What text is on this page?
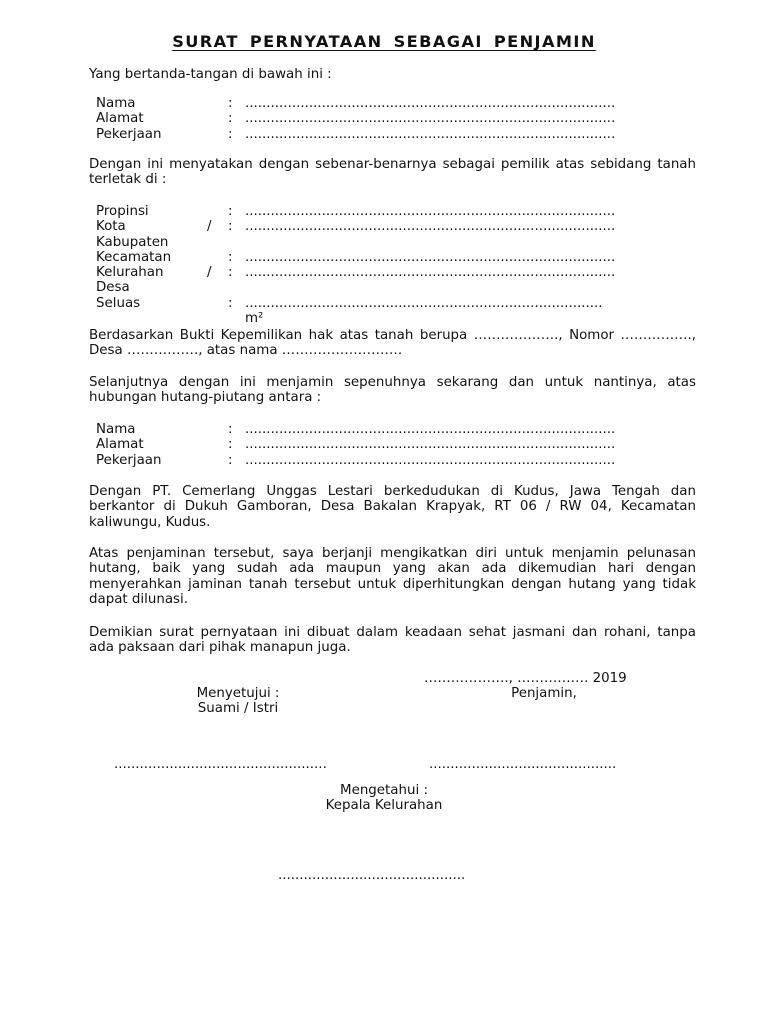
SURAT PERNYATAAN SEBAGAI PENJAMIN
Yang bertanda-tangan di bawah ini :
Nama	: .......................................................................................
Alamat	: .......................................................................................
Pekerjaan	: .......................................................................................
Dengan ini menyatakan dengan sebenar-benarnya sebagai pemilik atas sebidang tanah terletak di :
Propinsi	: .......................................................................................
Kota	/ : .......................................................................................
Kabupaten
Kecamatan	: .......................................................................................
Kelurahan	/ : .......................................................................................
Desa
Seluas	: ....................................................................................
m²
Berdasarkan Bukti Kepemilikan hak atas tanah berupa ………………., Nomor ……………., Desa ……………., atas nama ………………………
Selanjutnya dengan ini menjamin sepenuhnya sekarang dan untuk nantinya, atas hubungan hutang-piutang antara :
Nama	: .......................................................................................
Alamat	: .......................................................................................
Pekerjaan	: .......................................................................................
Dengan PT. Cemerlang Unggas Lestari berkedudukan di Kudus, Jawa Tengah dan berkantor di Dukuh Gamboran, Desa Bakalan Krapyak, RT 06 / RW 04, Kecamatan kaliwungu, Kudus.
Atas penjaminan tersebut, saya berjanji mengikatkan diri untuk menjamin pelunasan hutang, baik yang sudah ada maupun yang akan ada dikemudian hari dengan menyerahkan jaminan tanah tersebut untuk diperhitungkan dengan hutang yang tidak dapat dilunasi.
Demikian surat pernyataan ini dibuat dalam keadaan sehat jasmani dan rohani, tanpa ada paksaan dari pihak manapun juga.
………………., ……………. 2019
Menyetujui :
Suami / Istri
Penjamin,
..................................................	............................................
Mengetahui :
Kepala Kelurahan
............................................
